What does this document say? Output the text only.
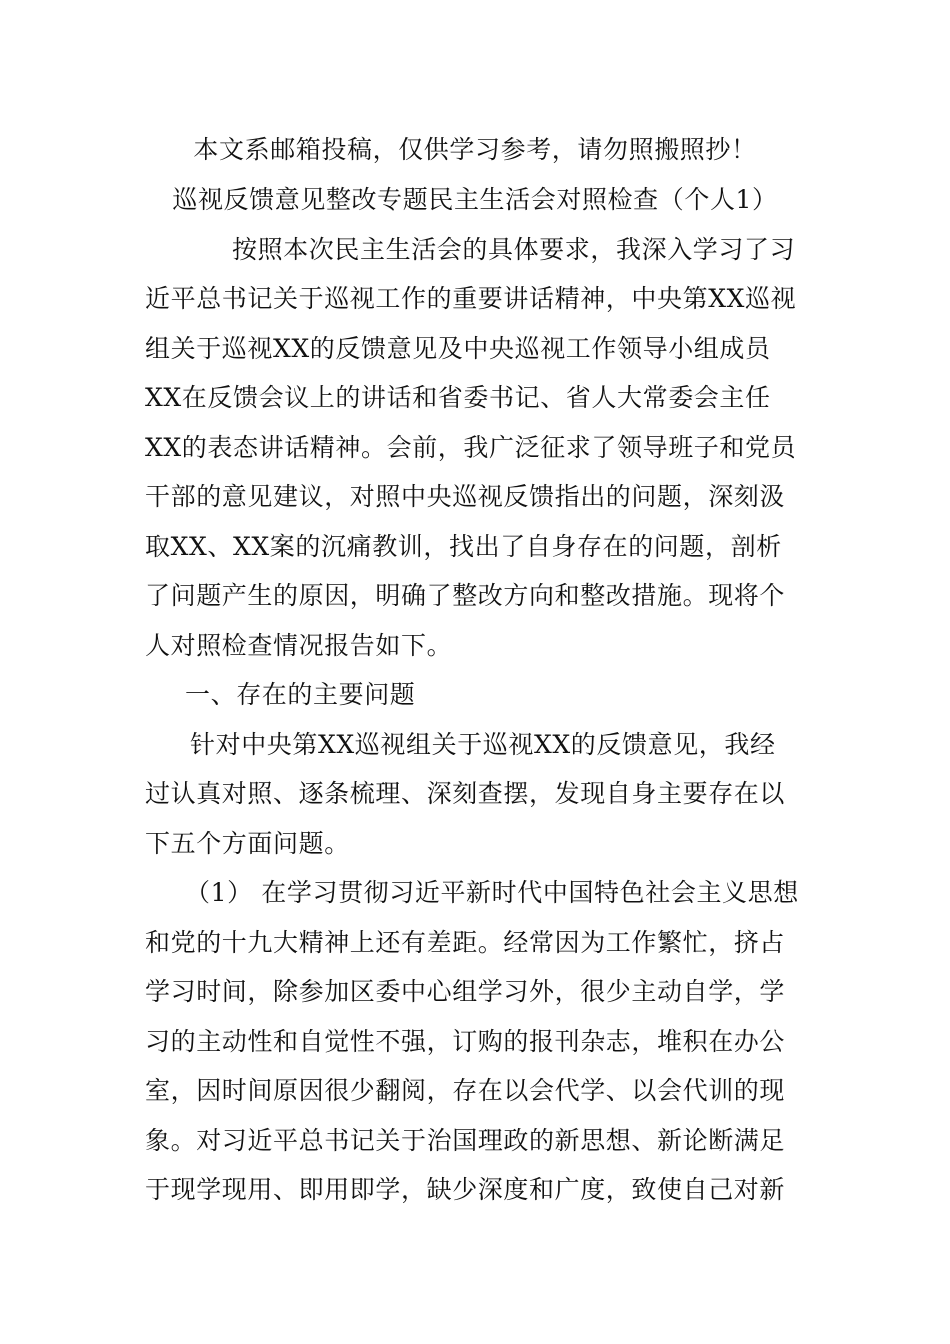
本文系邮箱投稿，仅供学习参考，请勿照搬照抄！
巡视反馈意见整改专题民主生活会对照检查（个人1）
按照本次民主生活会的具体要求，我深入学习了习
近平总书记关于巡视工作的重要讲话精神，中央第XX巡视
组关于巡视XX的反馈意见及中央巡视工作领导小组成员
XX在反馈会议上的讲话和省委书记、省人大常委会主任
XX的表态讲话精神。会前，我广泛征求了领导班子和党员
干部的意见建议，对照中央巡视反馈指出的问题，深刻汲
取XX、XX案的沉痛教训，找出了自身存在的问题，剖析
了问题产生的原因，明确了整改方向和整改措施。现将个
人对照检查情况报告如下。
一、存在的主要问题
针对中央第XX巡视组关于巡视XX的反馈意见，我经
过认真对照、逐条梳理、深刻查摆，发现自身主要存在以
下五个方面问题。
（1） 在学习贯彻习近平新时代中国特色社会主义思想
和党的十九大精神上还有差距。经常因为工作繁忙，挤占
学习时间，除参加区委中心组学习外，很少主动自学，学
习的主动性和自觉性不强，订购的报刊杂志，堆积在办公
室，因时间原因很少翻阅，存在以会代学、以会代训的现
象。对习近平总书记关于治国理政的新思想、新论断满足
于现学现用、即用即学，缺少深度和广度，致使自己对新
